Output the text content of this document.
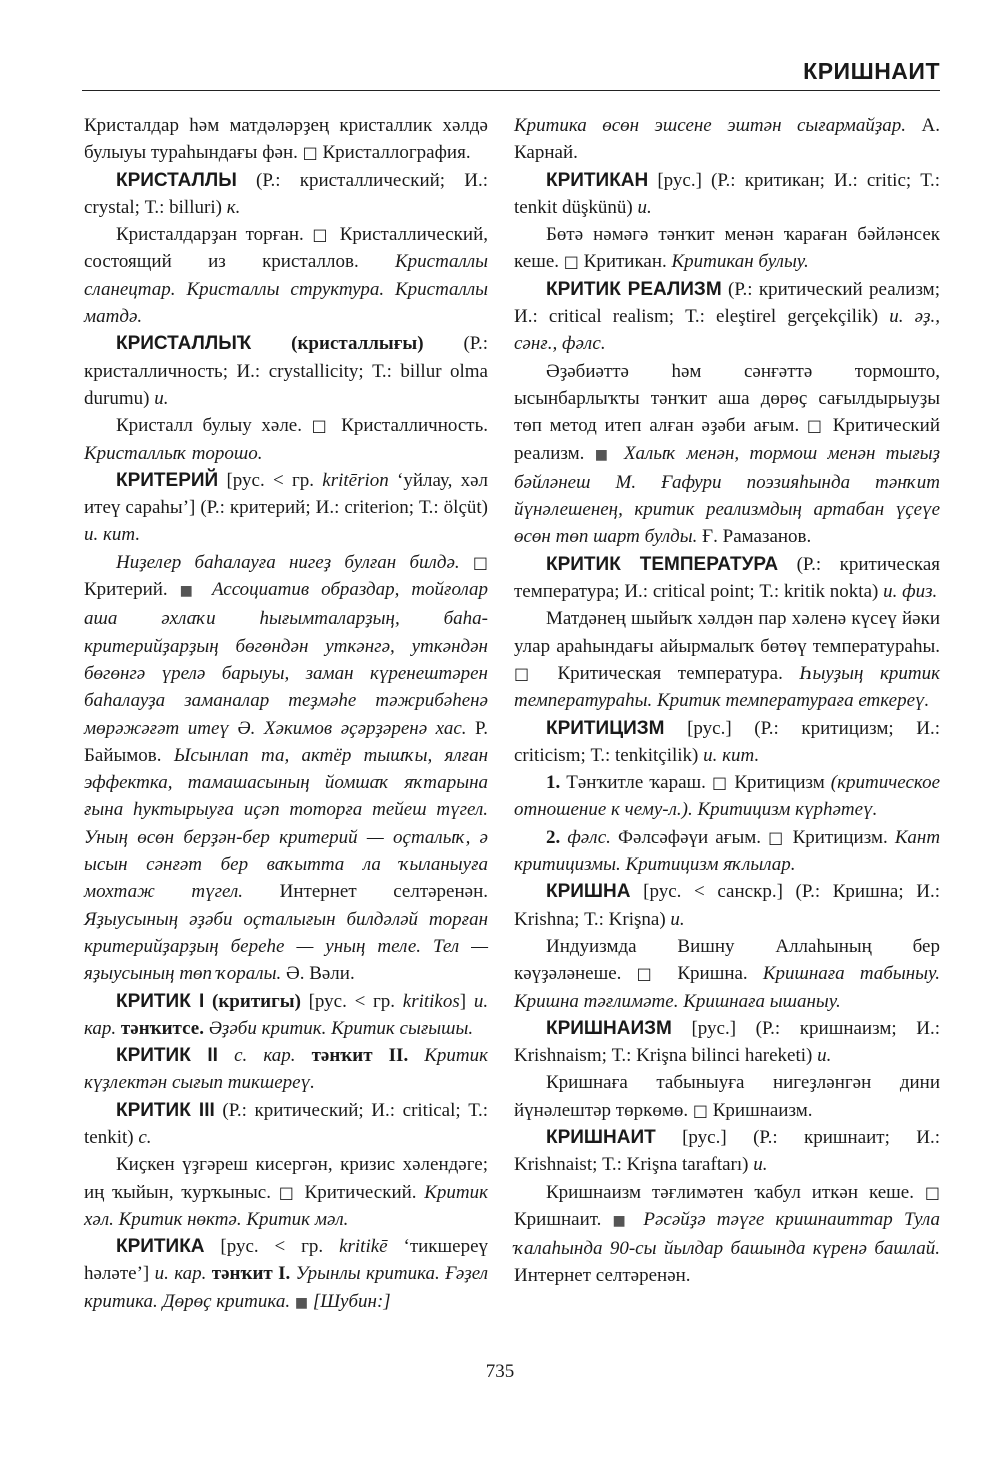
КРИШНАИТ

Кристалдар һәм матдәләрҙең кристаллик хәлдә булыуы тураһындағы фән. □ Кристаллография.

КРИСТАЛЛЫ (Р.: кристаллический; И.: crystal; Т.: billuri) к.

Кристалдарҙан торған. □ Кристаллический, состоящий из кристаллов. Кристаллы сланецтар. Кристаллы структура. Кристаллы матдә.

КРИСТАЛЛЫҠ (кристаллығы) (Р.: кристалличность; И.: crystallicity; Т.: billur olma durumu) и.

Кристалл булыу хәле. □ Кристалличность. Кристаллыҡ торошо.

КРИТЕРИЙ [рус. < гр. kritērion ‘уйлау, хәл итеү сараһы’] (Р.: критерий; И.: criterion; Т.: ölçüt) и. кит.

Ниҙелер баһалауға нигеҙ булған билдә. □ Критерий. ■ Ассоциатив образдар, тойғолар аша әхлаҡи һығымталарҙың, баһа-критерийҙарҙың бөгөндән уткәнгә, уткәндән бөгөнгә үрелә барыуы, заман күренештәрен баһалауҙа заманалар теҙмәһе тәжрибәһенә мөрәжәғәт итеү Ә. Хәкимов әҫәрҙәренә хас. Р. Байымов. Ысынлап та, актёр тышҡы, ялған эффектка, тамашасының йомшаҡ яҡтарына ғына һуктырыуға иҫәп тоторға тейеш түгел. Уның өсөн берҙән-бер критерий — оҫталыҡ, ә ысын сәнғәт бер ваҡытта ла ҡыланыуға мохтаж түгел. Интернет селтәренән. Яҙыусының әҙәби оҫталығын билдәләй торған критерийҙарҙың береһе — уның теле. Тел — яҙыусының төп ҡоралы. Ә. Вәли.

КРИТИК I (критигы) [рус. < гр. kritikos] и. кар. тәнҡитсе. Әҙәби критик. Критик сығышы.

КРИТИК II с. кар. тәнҡит II. Критик күҙлектән сығып тикшереү.

КРИТИК III (Р.: критический; И.: critical; Т.: tenkit) с.

Киҫкен үҙгәреш кисергән, кризис хәлендәге; иң ҡыйын, ҡурҡыныс. □ Критический. Критик хәл. Критик нөктә. Критик мәл.

КРИТИКА [рус. < гр. kritikē ‘тикшереү һәләте’] и. кар. тәнҡит I. Урынлы критика. Ғәҙел критика. Дөрөҫ критика. ■ [Шубин:]

Критика өсөн эшсене эштән сығармайҙар. А. Карнай.

КРИТИКАН [рус.] (Р.: критикан; И.: critic; Т.: tenkit düşkünü) и.

Бөтә нәмәгә тәнҡит менән ҡараған бәйләнсек кеше. □ Критикан. Критикан булыу.

КРИТИК РЕАЛИЗМ (Р.: критический реализм; И.: critical realism; Т.: eleştirel gerçekçilik) и. әҙ., сәнғ., фәлс.

Әҙәбиәттә һәм сәнғәттә тормошто, ысынбарлыҡты тәнҡит аша дөрөҫ сағылдырыуҙы төп метод итеп алған әҙәби ағым. □ Критический реализм. ■ Халыҡ менән, тормош менән тығыҙ бәйләнеш М. Ғафури поэзияһында тәнҡит йүнәлешенең, критик реализмдың артабан үҫеүе өсөн төп шарт булды. Ғ. Рамазанов.

КРИТИК ТЕМПЕРАТУРА (Р.: критическая температура; И.: critical point; Т.: kritik nokta) и. физ.

Матдәнең шыйыҡ хәлдән пар хәленә күсеү йәки улар араһындағы айырмалыҡ бөтөү температураһы. □ Критическая температура. Һыуҙың критик температураһы. Критик температураға еткереү.

КРИТИЦИЗМ [рус.] (Р.: критицизм; И.: criticism; Т.: tenkitçilik) и. кит.

1. Тәнҡитле ҡараш. □ Критицизм (критическое отношение к чему-л.). Критицизм күрһәтеү.

2. фәлс. Фәлсәфәүи ағым. □ Критицизм. Кант критицизмы. Критицизм яҡлылар.

КРИШНА [рус. < санскр.] (Р.: Кришна; И.: Krishna; Т.: Krişna) и.

Индуизмда Вишну Аллаһының бер кәүҙәләнеше. □ Кришна. Кришнаға табыныу. Кришна тәғлимәте. Кришнаға ышаныу.

КРИШНАИЗМ [рус.] (Р.: кришнаизм; И.: Krishnaism; Т.: Krişna bilinci hareketi) и.

Кришнаға табыныуға нигеҙләнгән дини йүнәлештәр төркөмө. □ Кришнаизм.

КРИШНАИТ [рус.] (Р.: кришнаит; И.: Krishnaist; Т.: Krişna taraftarı) и.

Кришнаизм тәғлимәтен ҡабул иткән кеше. □ Кришнаит. ■ Рәсәйҙә тәүге кришнаиттар Тула ҡалаһында 90-сы йылдар башында күренә башлай. Интернет селтәренән.

735
